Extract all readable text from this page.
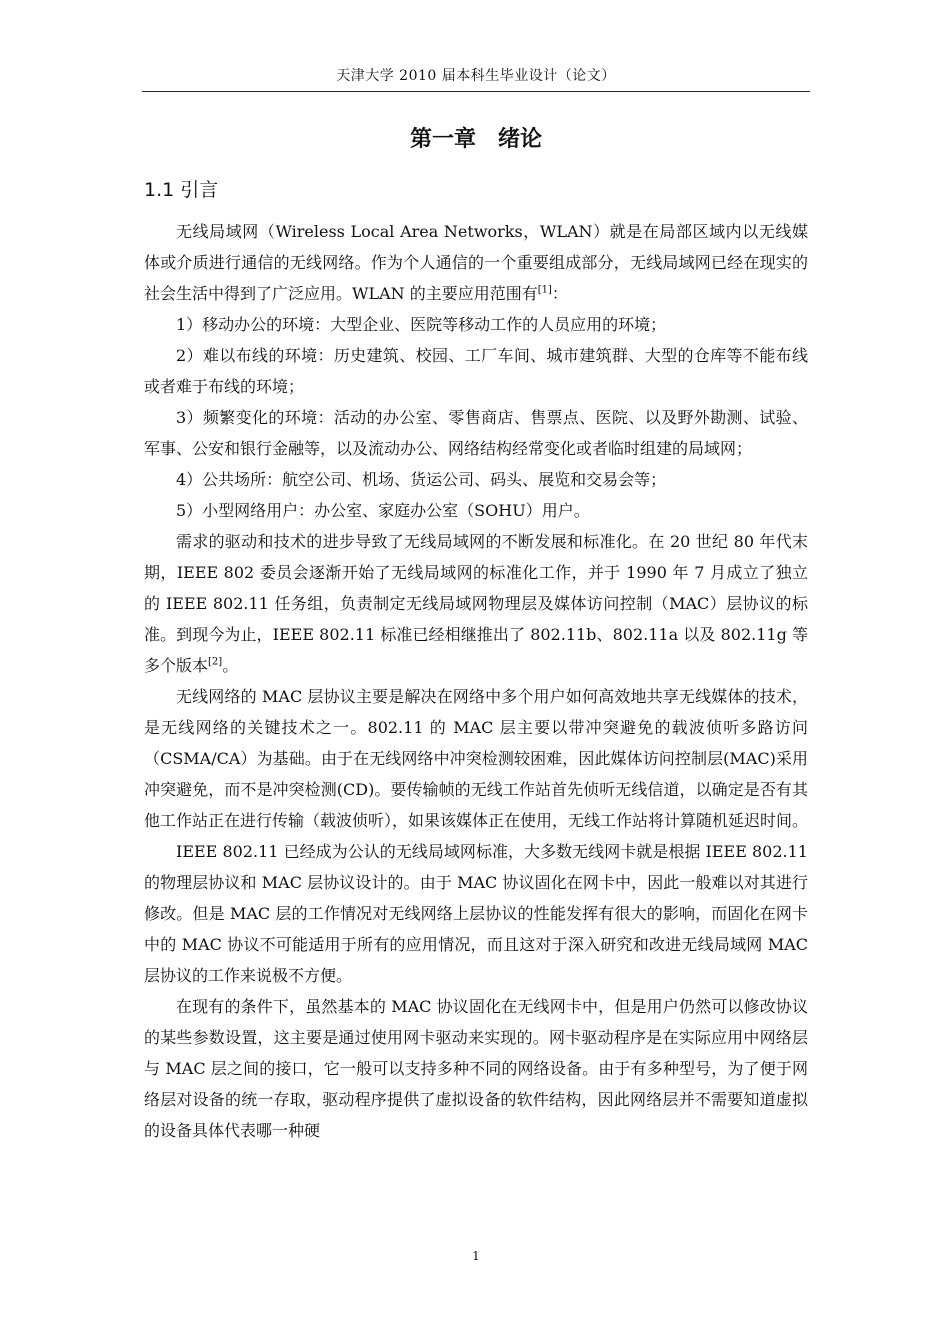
天津大学 2010 届本科生毕业设计（论文）
第一章 绪论
1.1 引言

无线局域网（Wireless Local Area Networks，WLAN）就是在局部区域内以无线媒体或介质进行通信的无线网络。作为个人通信的一个重要组成部分，无线局域网已经在现实的社会生活中得到了广泛应用。WLAN 的主要应用范围有[1]：

1）移动办公的环境：大型企业、医院等移动工作的人员应用的环境；

2）难以布线的环境：历史建筑、校园、工厂车间、城市建筑群、大型的仓库等不能布线或者难于布线的环境；

3）频繁变化的环境：活动的办公室、零售商店、售票点、医院、以及野外勘测、试验、军事、公安和银行金融等，以及流动办公、网络结构经常变化或者临时组建的局域网；

4）公共场所：航空公司、机场、货运公司、码头、展览和交易会等；

5）小型网络用户：办公室、家庭办公室（SOHU）用户。

需求的驱动和技术的进步导致了无线局域网的不断发展和标准化。在 20 世纪 80 年代末期，IEEE 802 委员会逐渐开始了无线局域网的标准化工作，并于 1990 年 7 月成立了独立的 IEEE 802.11 任务组，负责制定无线局域网物理层及媒体访问控制（MAC）层协议的标准。到现今为止，IEEE 802.11 标准已经相继推出了 802.11b、802.11a 以及 802.11g 等多个版本[2]。

无线网络的 MAC 层协议主要是解决在网络中多个用户如何高效地共享无线媒体的技术，是无线网络的关键技术之一。802.11 的 MAC 层主要以带冲突避免的载波侦听多路访问（CSMA/CA）为基础。由于在无线网络中冲突检测较困难，因此媒体访问控制层(MAC)采用冲突避免，而不是冲突检测(CD)。要传输帧的无线工作站首先侦听无线信道，以确定是否有其他工作站正在进行传输（载波侦听），如果该媒体正在使用，无线工作站将计算随机延迟时间。

IEEE 802.11 已经成为公认的无线局域网标准，大多数无线网卡就是根据 IEEE 802.11 的物理层协议和 MAC 层协议设计的。由于 MAC 协议固化在网卡中，因此一般难以对其进行修改。但是 MAC 层的工作情况对无线网络上层协议的性能发挥有很大的影响，而固化在网卡中的 MAC 协议不可能适用于所有的应用情况，而且这对于深入研究和改进无线局域网 MAC 层协议的工作来说极不方便。

在现有的条件下，虽然基本的 MAC 协议固化在无线网卡中，但是用户仍然可以修改协议的某些参数设置，这主要是通过使用网卡驱动来实现的。网卡驱动程序是在实际应用中网络层与 MAC 层之间的接口，它一般可以支持多种不同的网络设备。由于有多种型号，为了便于网络层对设备的统一存取，驱动程序提供了虚拟设备的软件结构，因此网络层并不需要知道虚拟的设备具体代表哪一种硬

1
